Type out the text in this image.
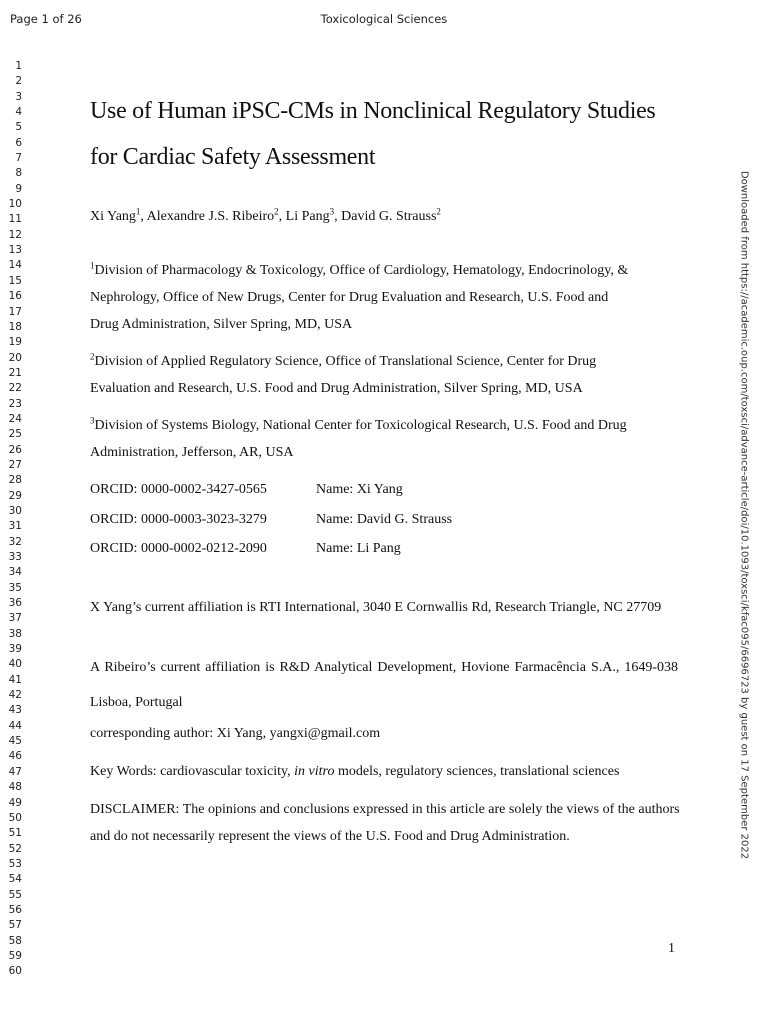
Page 1 of 26	Toxicological Sciences
1
2
3
4
5
6
7
8
9
10
11
12
13
14
15
16
17
18
19
20
21
22
23
24
25
26
27
28
29
30
31
32
33
34
35
36
37
38
39
40
41
42
43
44
45
46
47
48
49
50
51
52
53
54
55
56
57
58
59
60
Downloaded from https://academic.oup.com/toxsci/advance-article/doi/10.1093/toxsci/kfac095/6696723 by guest on 17 September 2022
Use of Human iPSC-CMs in Nonclinical Regulatory Studies
for Cardiac Safety Assessment
Xi Yang$^1$, Alexandre J.S. Ribeiro$^2$, Li Pang$^3$, David G. Strauss$^2$
$^1$Division of Pharmacology & Toxicology, Office of Cardiology, Hematology, Endocrinology, &
Nephrology, Office of New Drugs, Center for Drug Evaluation and Research, U.S. Food and
Drug Administration, Silver Spring, MD, USA
$^2$Division of Applied Regulatory Science, Office of Translational Science, Center for Drug
Evaluation and Research, U.S. Food and Drug Administration, Silver Spring, MD, USA
$^3$Division of Systems Biology, National Center for Toxicological Research, U.S. Food and Drug
Administration, Jefferson, AR, USA
ORCID: 0000-0002-3427-0565	Name: Xi Yang
ORCID: 0000-0003-3023-3279	Name: David G. Strauss
ORCID: 0000-0002-0212-2090	Name: Li Pang
X Yang’s current affiliation is RTI International, 3040 E Cornwallis Rd, Research Triangle, NC 27709
A Ribeiro’s current affiliation is R&D Analytical Development, Hovione Farmacência S.A., 1649-038 Lisboa, Portugal
corresponding author: Xi Yang, yangxi@gmail.com
Key Words: cardiovascular toxicity, in vitro models, regulatory sciences, translational sciences
DISCLAIMER: The opinions and conclusions expressed in this article are solely the views of the authors and do not necessarily represent the views of the U.S. Food and Drug Administration.
1
